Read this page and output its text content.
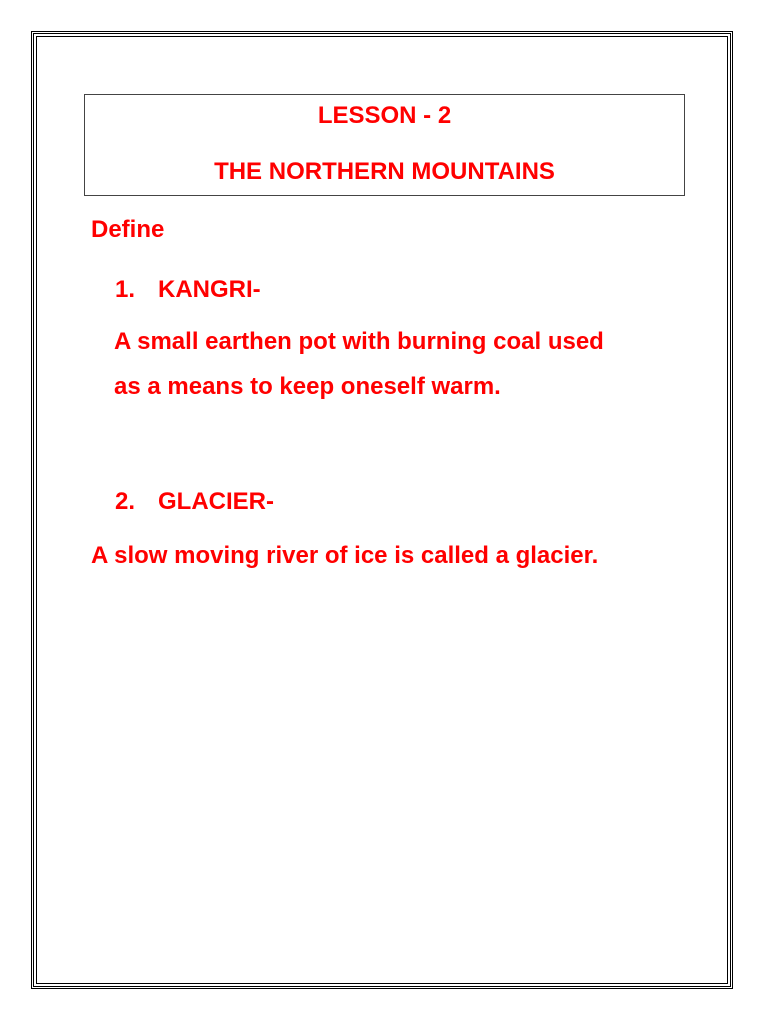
LESSON - 2

THE NORTHERN MOUNTAINS

Define

1. KANGRI-

A small earthen pot with burning coal used

as a means to keep oneself warm.

2. GLACIER-

A slow moving river of ice is called a glacier.
